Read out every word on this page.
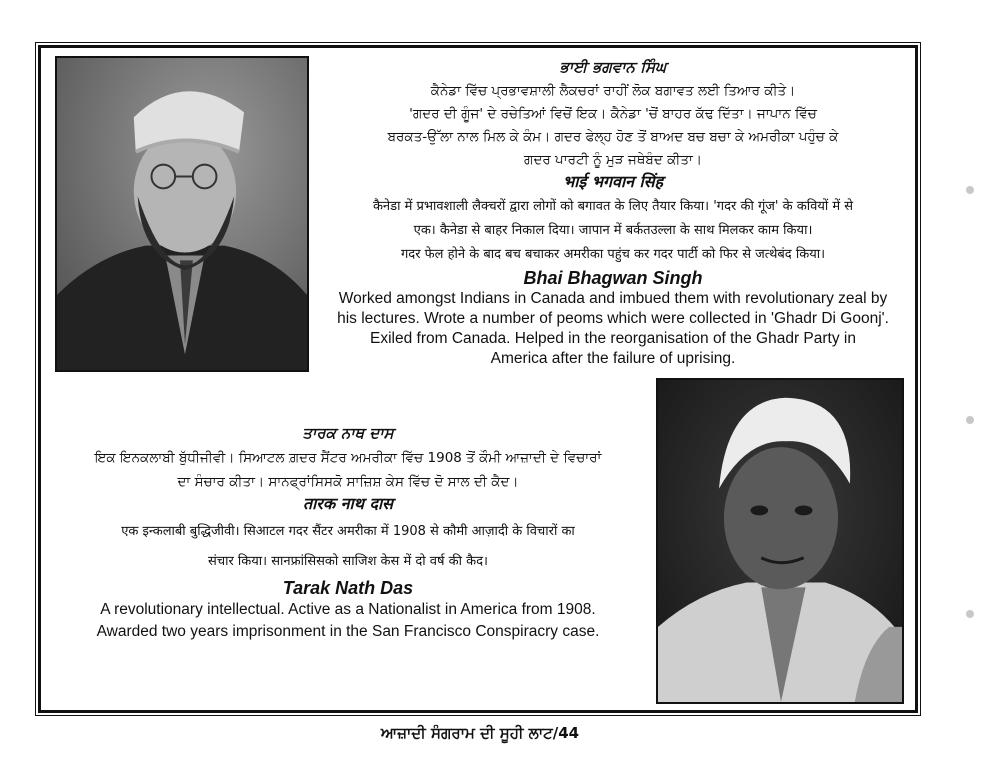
ਭਾਈ ਭਗਵਾਨ ਸਿੰਘ
ਕੈਨੇਡਾ ਵਿੱਚ ਪ੍ਰਭਾਵਸ਼ਾਲੀ ਲੈਕਚਰਾਂ ਰਾਹੀਂ ਲੋਕ ਬਗਾਵਤ ਲਈ ਤਿਆਰ ਕੀਤੇ।
'ਗਦਰ ਦੀ ਗੂੰਜ' ਦੇ ਰਚੇਤਿਆਂ ਵਿਚੋਂ ਇਕ। ਕੈਨੇਡਾ 'ਚੋਂ ਬਾਹਰ ਕੱਢ ਦਿੱਤਾ। ਜਾਪਾਨ ਵਿੱਚ
ਬਰਕਤ-ਉੱਲਾ ਨਾਲ ਮਿਲ ਕੇ ਕੰਮ। ਗਦਰ ਫੇਲ੍ਹ ਹੋਣ ਤੋਂ ਬਾਅਦ ਬਚ ਬਚਾ ਕੇ ਅਮਰੀਕਾ ਪਹੁੰਚ ਕੇ
ਗਦਰ ਪਾਰਟੀ ਨੂੰ ਮੁੜ ਜਥੇਬੰਦ ਕੀਤਾ।
भाई भगवान सिंह
कैनेडा में प्रभावशाली लैक्चरों द्वारा लोगों को बगावत के लिए तैयार किया। 'गदर की गूंज' के कवियों में से
एक। कैनेडा से बाहर निकाल दिया। जापान में बर्कतउल्ला के साथ मिलकर काम किया।
गदर फेल होने के बाद बच बचाकर अमरीका पहुंच कर गदर पार्टी को फिर से जत्थेबंद किया।
Bhai Bhagwan Singh
Worked amongst Indians in Canada and imbued them with revolutionary zeal by
his lectures. Wrote a number of peoms which were collected in 'Ghadr Di Goonj'.
Exiled from Canada. Helped in the reorganisation of the Ghadr Party in
America after the failure of uprising.
ਤਾਰਕ ਨਾਥ ਦਾਸ
ਇਕ ਇਨਕਲਾਬੀ ਬੁੱਧੀਜੀਵੀ। ਸਿਆਟਲ ਗ਼ਦਰ ਸੈਂਟਰ ਅਮਰੀਕਾ ਵਿੱਚ 1908 ਤੋਂ ਕੌਮੀ ਆਜ਼ਾਦੀ ਦੇ ਵਿਚਾਰਾਂ
ਦਾ ਸੰਚਾਰ ਕੀਤਾ। ਸਾਨਫ੍ਰਾਂਸਿਸਕੋ ਸਾਜ਼ਿਸ਼ ਕੇਸ ਵਿੱਚ ਦੋ ਸਾਲ ਦੀ ਕੈਦ।
तारक नाथ दास
एक इन्कलाबी बुद्धिजीवी। सिआटल गदर सैंटर अमरीका में 1908 से कौमी आज़ादी के विचारों का
संचार किया। सानफ्रांसिसको साजिश केस में दो वर्ष की कैद।
Tarak Nath Das
A revolutionary intellectual. Active as a Nationalist in America from 1908.
Awarded two years imprisonment in the San Francisco Conspiracry case.
ਆਜ਼ਾਦੀ ਸੰਗਰਾਮ ਦੀ ਸੂਹੀ ਲਾਟ/44
